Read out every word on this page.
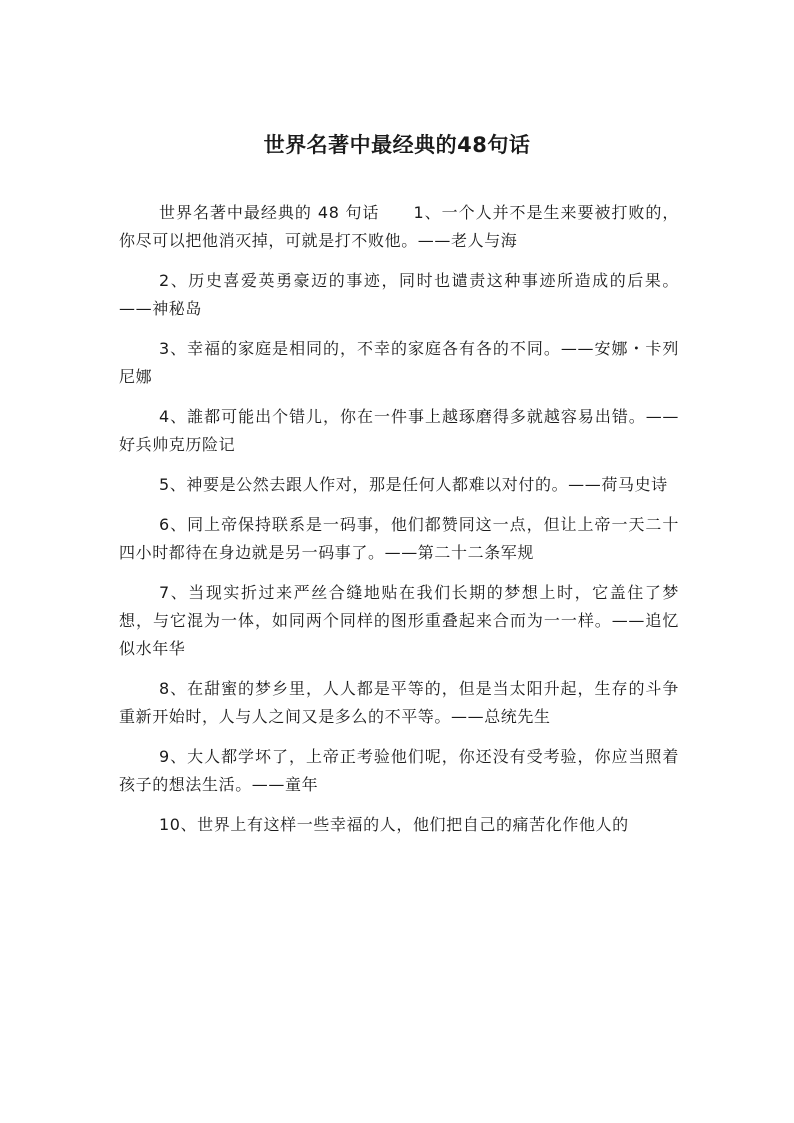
世界名著中最经典的48句话

世界名著中最经典的 48 句话　　1、一个人并不是生来要被打败的，你尽可以把他消灭掉，可就是打不败他。——老人与海

2、历史喜爱英勇豪迈的事迹，同时也谴责这种事迹所造成的后果。——神秘岛

3、幸福的家庭是相同的，不幸的家庭各有各的不同。——安娜・卡列尼娜

4、誰都可能出个错儿，你在一件事上越琢磨得多就越容易出错。——好兵帅克历险记

5、神要是公然去跟人作对，那是任何人都难以对付的。——荷马史诗

6、同上帝保持联系是一码事，他们都赞同这一点，但让上帝一天二十四小时都待在身边就是另一码事了。——第二十二条军规

7、当现实折过来严丝合缝地贴在我们长期的梦想上时，它盖住了梦想，与它混为一体，如同两个同样的图形重叠起来合而为一一样。——追忆似水年华

8、在甜蜜的梦乡里，人人都是平等的，但是当太阳升起，生存的斗争重新开始时，人与人之间又是多么的不平等。——总统先生

9、大人都学坏了，上帝正考验他们呢，你还没有受考验，你应当照着孩子的想法生活。——童年

10、世界上有这样一些幸福的人，他们把自己的痛苦化作他人的
